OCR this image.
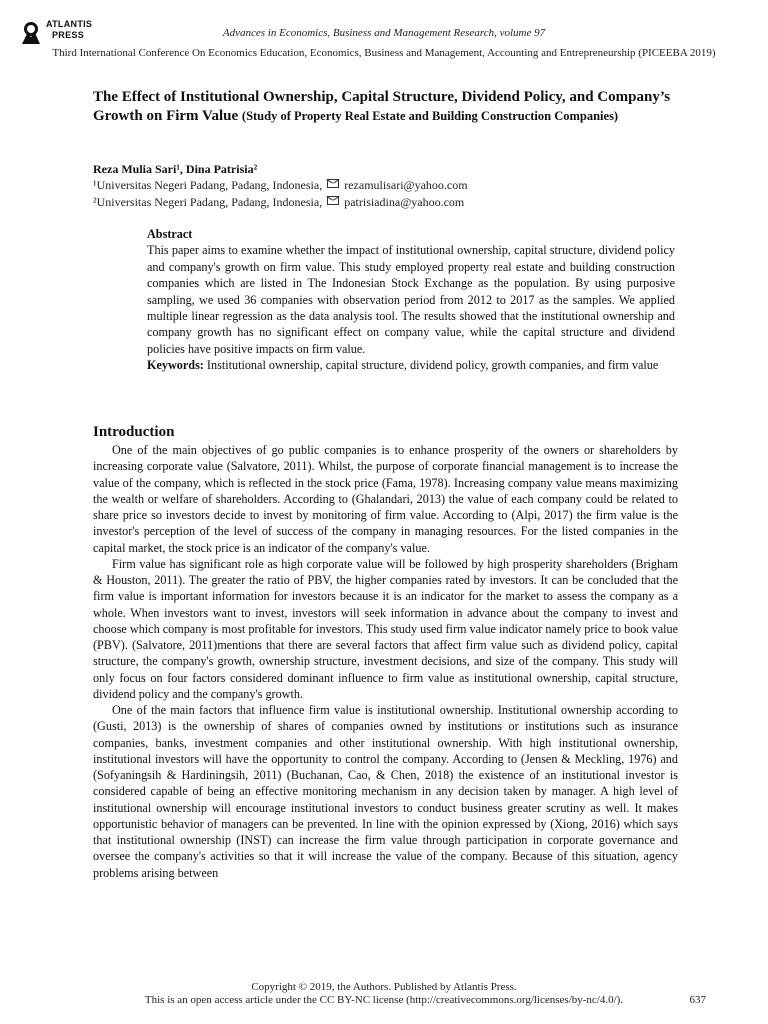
ATLANTIS
PRESS	Advances in Economics, Business and Management Research, volume 97
Third International Conference On Economics Education, Economics, Business and Management, Accounting and Entrepreneurship (PICEEBA 2019)
The Effect of Institutional Ownership, Capital Structure, Dividend Policy, and Company’s Growth on Firm Value (Study of Property Real Estate and Building Construction Companies)
Reza Mulia Sari¹, Dina Patrisia²
¹Universitas Negeri Padang, Padang, Indonesia, rezamulisari@yahoo.com
²Universitas Negeri Padang, Padang, Indonesia, patrisiadina@yahoo.com
Abstract

This paper aims to examine whether the impact of institutional ownership, capital structure, dividend policy and company's growth on firm value. This study employed property real estate and building construction companies which are listed in The Indonesian Stock Exchange as the population. By using purposive sampling, we used 36 companies with observation period from 2012 to 2017 as the samples. We applied multiple linear regression as the data analysis tool. The results showed that the institutional ownership and company growth has no significant effect on company value, while the capital structure and dividend policies have positive impacts on firm value.

Keywords: Institutional ownership, capital structure, dividend policy, growth companies, and firm value

Introduction

One of the main objectives of go public companies is to enhance prosperity of the owners or shareholders by increasing corporate value (Salvatore, 2011). Whilst, the purpose of corporate financial management is to increase the value of the company, which is reflected in the stock price (Fama, 1978). Increasing company value means maximizing the wealth or welfare of shareholders. According to (Ghalandari, 2013) the value of each company could be related to share price so investors decide to invest by monitoring of firm value. According to (Alpi, 2017) the firm value is the investor's perception of the level of success of the company in managing resources. For the listed companies in the capital market, the stock price is an indicator of the company's value.

Firm value has significant role as high corporate value will be followed by high prosperity shareholders (Brigham & Houston, 2011). The greater the ratio of PBV, the higher companies rated by investors. It can be concluded that the firm value is important information for investors because it is an indicator for the market to assess the company as a whole. When investors want to invest, investors will seek information in advance about the company to invest and choose which company is most profitable for investors. This study used firm value indicator namely price to book value (PBV). (Salvatore, 2011)mentions that there are several factors that affect firm value such as dividend policy, capital structure, the company's growth, ownership structure, investment decisions, and size of the company. This study will only focus on four factors considered dominant influence to firm value as institutional ownership, capital structure, dividend policy and the company's growth.

One of the main factors that influence firm value is institutional ownership. Institutional ownership according to (Gusti, 2013) is the ownership of shares of companies owned by institutions or institutions such as insurance companies, banks, investment companies and other institutional ownership. With high institutional ownership, institutional investors will have the opportunity to control the company. According to (Jensen & Meckling, 1976) and (Sofyaningsih & Hardiningsih, 2011) (Buchanan, Cao, & Chen, 2018) the existence of an institutional investor is considered capable of being an effective monitoring mechanism in any decision taken by manager. A high level of institutional ownership will encourage institutional investors to conduct business greater scrutiny as well. It makes opportunistic behavior of managers can be prevented. In line with the opinion expressed by (Xiong, 2016) which says that institutional ownership (INST) can increase the firm value through participation in corporate governance and oversee the company's activities so that it will increase the value of the company. Because of this situation, agency problems arising between

Copyright © 2019, the Authors. Published by Atlantis Press.
This is an open access article under the CC BY-NC license (http://creativecommons.org/licenses/by-nc/4.0/).	637
